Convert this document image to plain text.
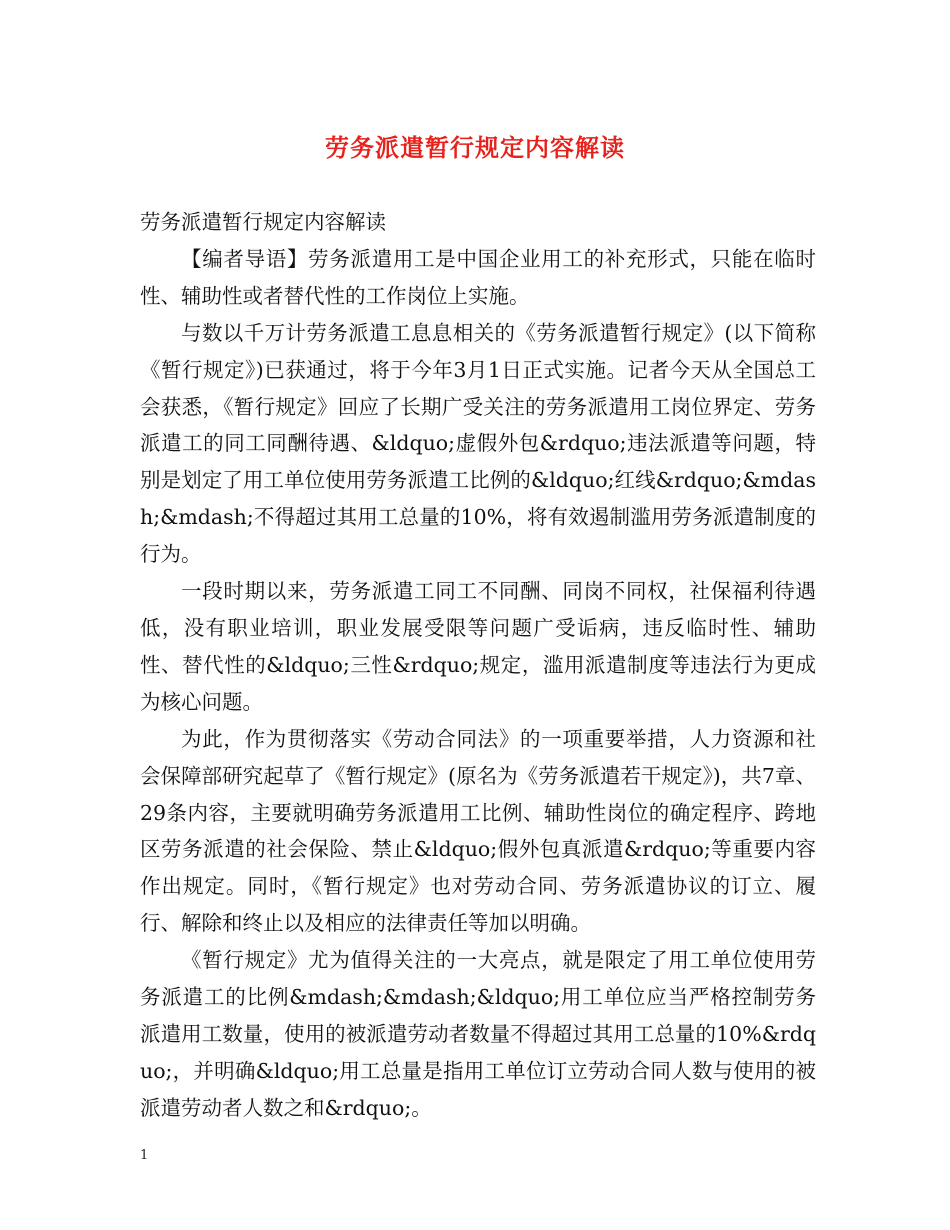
劳务派遣暂行规定内容解读

劳务派遣暂行规定内容解读

【编者导语】劳务派遣用工是中国企业用工的补充形式，只能在临时性、辅助性或者替代性的工作岗位上实施。

与数以千万计劳务派遣工息息相关的《劳务派遣暂行规定》(以下简称《暂行规定》)已获通过，将于今年3月1日正式实施。记者今天从全国总工会获悉，《暂行规定》回应了长期广受关注的劳务派遣用工岗位界定、劳务派遣工的同工同酬待遇、&ldquo;虚假外包&rdquo;违法派遣等问题，特别是划定了用工单位使用劳务派遣工比例的&ldquo;红线&rdquo;&mdash;&mdash;不得超过其用工总量的10%，将有效遏制滥用劳务派遣制度的行为。

一段时期以来，劳务派遣工同工不同酬、同岗不同权，社保福利待遇低，没有职业培训，职业发展受限等问题广受诟病，违反临时性、辅助性、替代性的&ldquo;三性&rdquo;规定，滥用派遣制度等违法行为更成为核心问题。

为此，作为贯彻落实《劳动合同法》的一项重要举措，人力资源和社会保障部研究起草了《暂行规定》(原名为《劳务派遣若干规定》)，共7章、29条内容，主要就明确劳务派遣用工比例、辅助性岗位的确定程序、跨地区劳务派遣的社会保险、禁止&ldquo;假外包真派遣&rdquo;等重要内容作出规定。同时，《暂行规定》也对劳动合同、劳务派遣协议的订立、履行、解除和终止以及相应的法律责任等加以明确。

《暂行规定》尤为值得关注的一大亮点，就是限定了用工单位使用劳务派遣工的比例&mdash;&mdash;&ldquo;用工单位应当严格控制劳务派遣用工数量，使用的被派遣劳动者数量不得超过其用工总量的10%&rdquo;，并明确&ldquo;用工总量是指用工单位订立劳动合同人数与使用的被派遣劳动者人数之和&rdquo;。

1
